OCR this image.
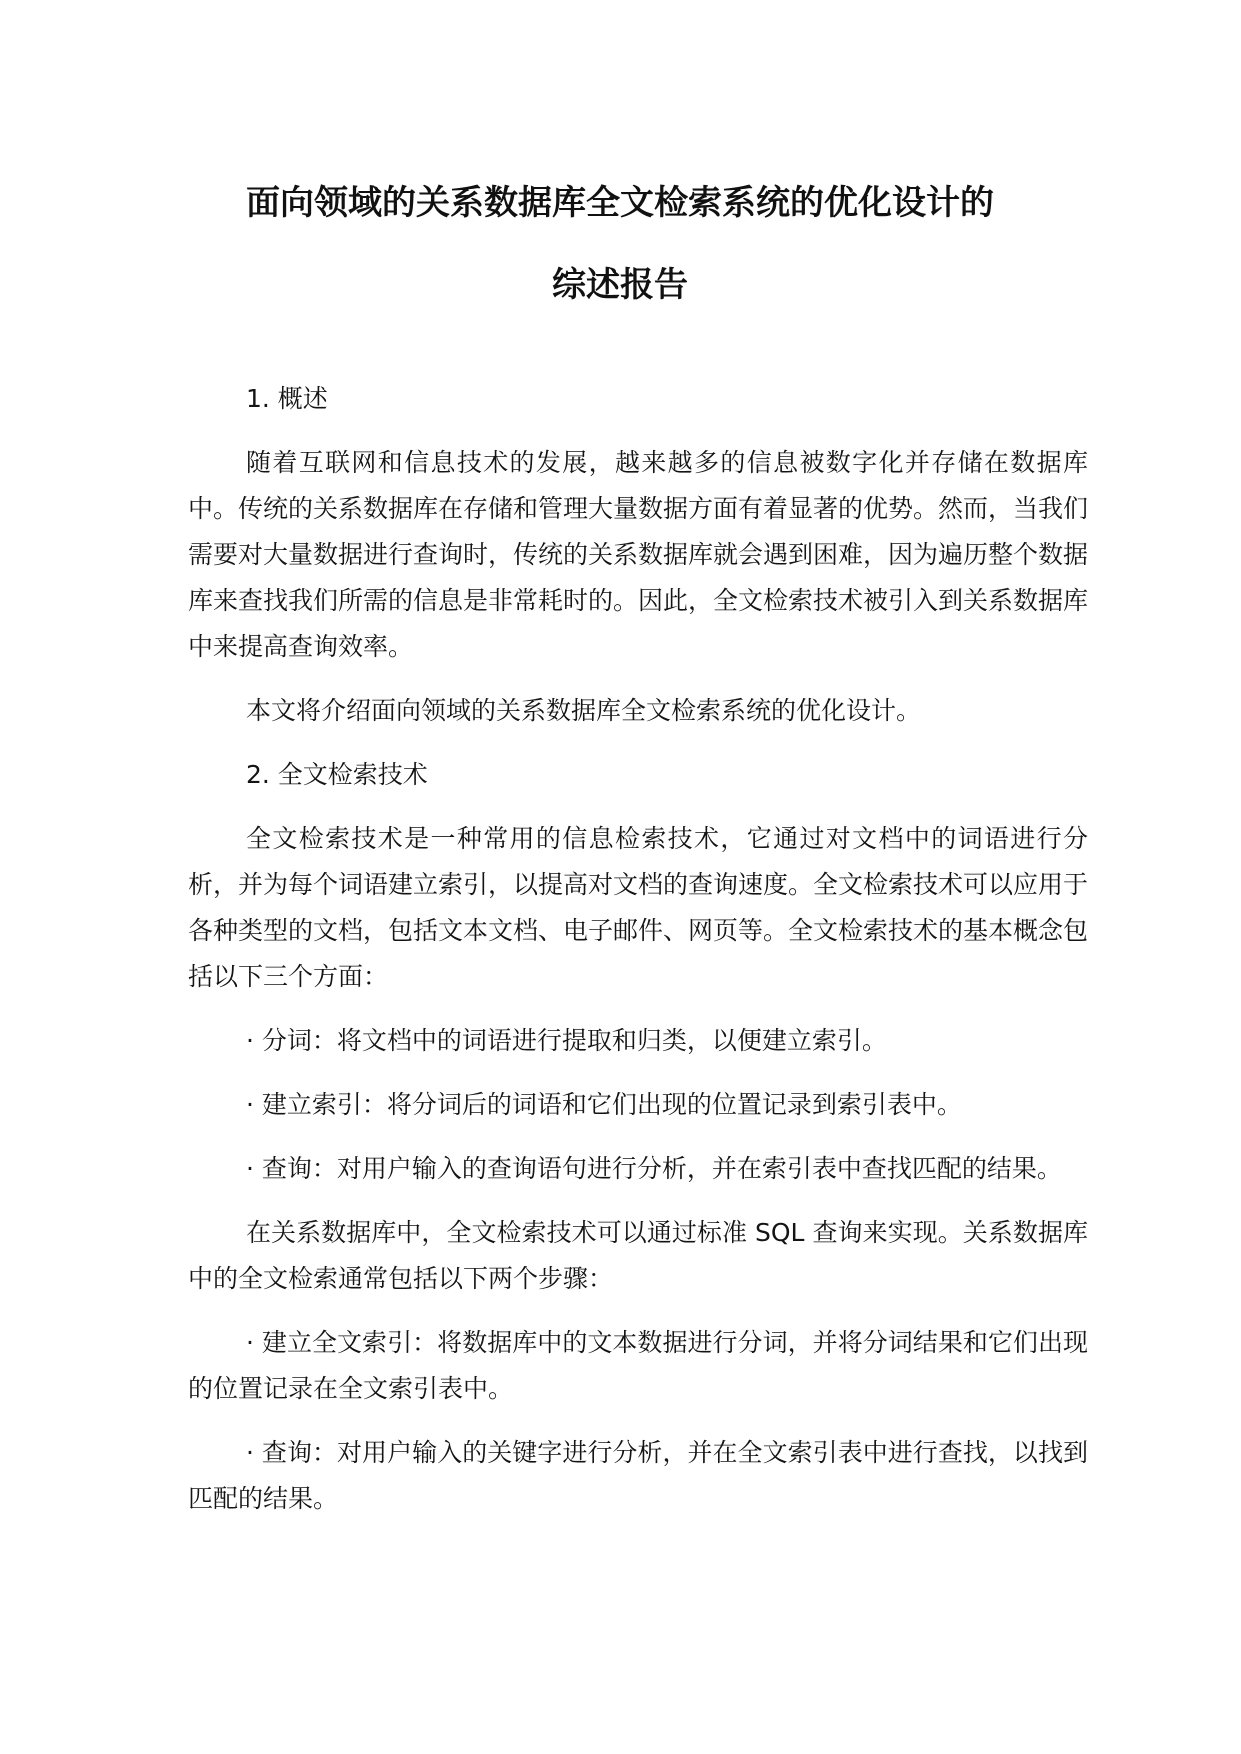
面向领域的关系数据库全文检索系统的优化设计的
综述报告

1. 概述

随着互联网和信息技术的发展，越来越多的信息被数字化并存储在数据库中。传统的关系数据库在存储和管理大量数据方面有着显著的优势。然而，当我们需要对大量数据进行查询时，传统的关系数据库就会遇到困难，因为遍历整个数据库来查找我们所需的信息是非常耗时的。因此，全文检索技术被引入到关系数据库中来提高查询效率。

本文将介绍面向领域的关系数据库全文检索系统的优化设计。

2. 全文检索技术

全文检索技术是一种常用的信息检索技术，它通过对文档中的词语进行分析，并为每个词语建立索引，以提高对文档的查询速度。全文检索技术可以应用于各种类型的文档，包括文本文档、电子邮件、网页等。全文检索技术的基本概念包括以下三个方面：

· 分词：将文档中的词语进行提取和归类，以便建立索引。

· 建立索引：将分词后的词语和它们出现的位置记录到索引表中。

· 查询：对用户输入的查询语句进行分析，并在索引表中查找匹配的结果。

在关系数据库中，全文检索技术可以通过标准 SQL 查询来实现。关系数据库中的全文检索通常包括以下两个步骤：

· 建立全文索引：将数据库中的文本数据进行分词，并将分词结果和它们出现的位置记录在全文索引表中。

· 查询：对用户输入的关键字进行分析，并在全文索引表中进行查找，以找到匹配的结果。
